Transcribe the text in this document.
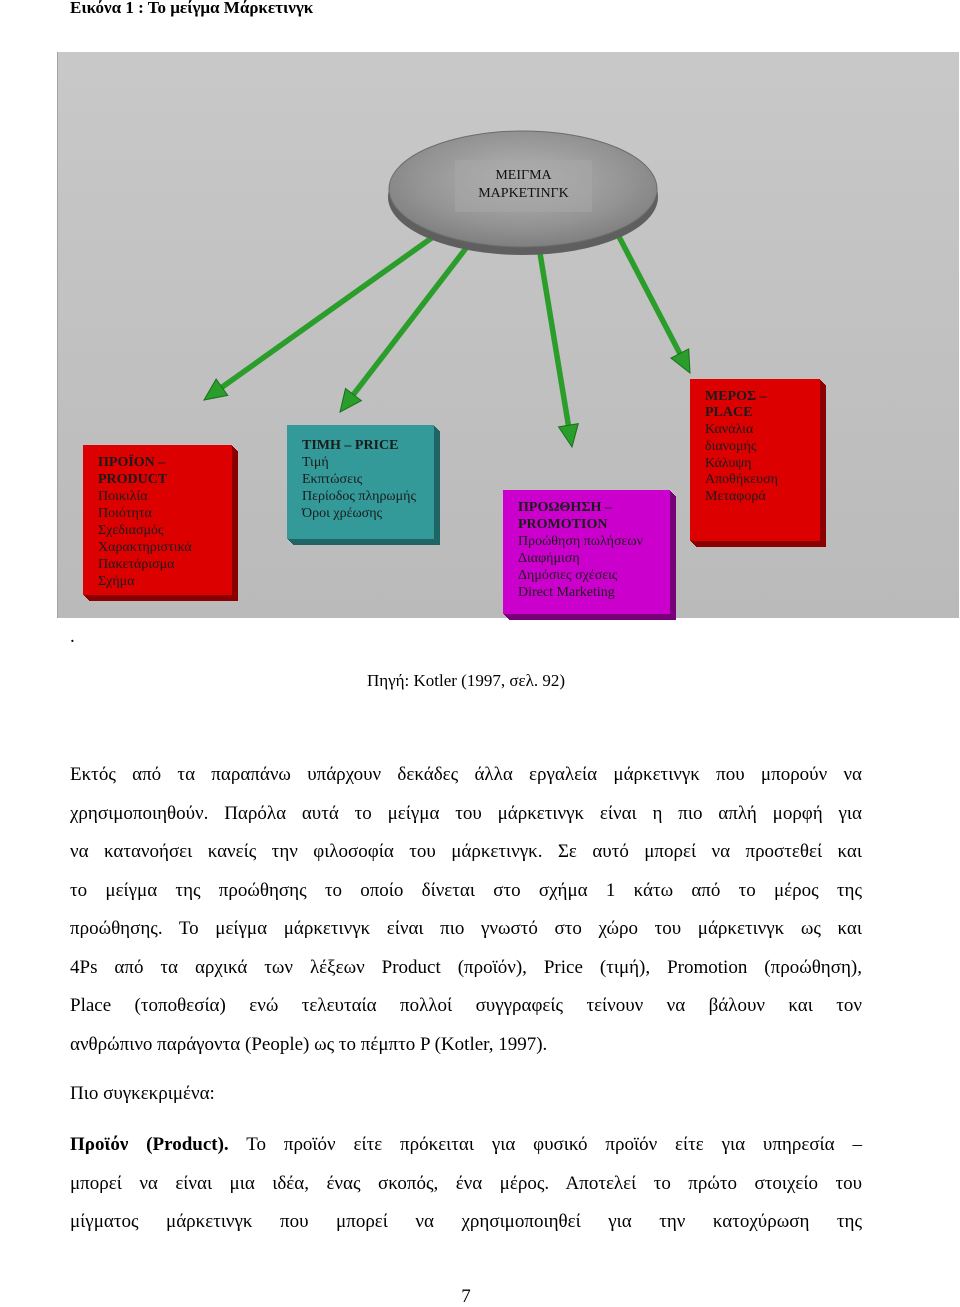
Εικόνα 1 : Το μείγμα Μάρκετινγκ
ΜΕΙΓΜΑ
ΜΑΡΚΕΤΙΝΓΚ
ΠΡΟΪΟΝ –
PRODUCT
Ποικιλία
Ποιότητα
Σχεδιασμός
Χαρακτηριστικά
Πακετάρισμα
Σχήμα
ΤΙΜΗ – PRICE
Τιμή
Εκπτώσεις
Περίοδος πληρωμής
Όροι χρέωσης	ΠΡΟΩΘΗΣΗ –
PROMOTION
Προώθηση πωλήσεων
Διαφήμιση
Δημόσιες σχέσεις
Direct Marketing
ΜΕΡΟΣ –
PLACE
Κανάλια
διανομής
Κάλυψη
Αποθήκευση
Μεταφορά
.
Πηγή: Kotler (1997, σελ. 92)
Εκτός από τα παραπάνω υπάρχουν δεκάδες άλλα εργαλεία μάρκετινγκ που μπορούν να
χρησιμοποιηθούν. Παρόλα αυτά το μείγμα του μάρκετινγκ είναι η πιο απλή μορφή για
να κατανοήσει κανείς την φιλοσοφία του μάρκετινγκ. Σε αυτό μπορεί να προστεθεί και
το μείγμα της προώθησης το οποίο δίνεται στο σχήμα 1 κάτω από το μέρος της
προώθησης. Το μείγμα μάρκετινγκ είναι πιο γνωστό στο χώρο του μάρκετινγκ ως και
4Ps από τα αρχικά των λέξεων Product (προϊόν), Price (τιμή), Promotion (προώθηση),
Place (τοποθεσία) ενώ τελευταία πολλοί συγγραφείς τείνουν να βάλουν και τον
ανθρώπινο παράγοντα (People) ως το πέμπτο P (Kotler, 1997).
Πιο συγκεκριμένα:
Προϊόν (Product). Το προϊόν είτε πρόκειται για φυσικό προϊόν είτε για υπηρεσία –
μπορεί να είναι μια ιδέα, ένας σκοπός, ένα μέρος. Αποτελεί το πρώτο στοιχείο του
μίγματος μάρκετινγκ που μπορεί να χρησιμοποιηθεί για την κατοχύρωση της
7
